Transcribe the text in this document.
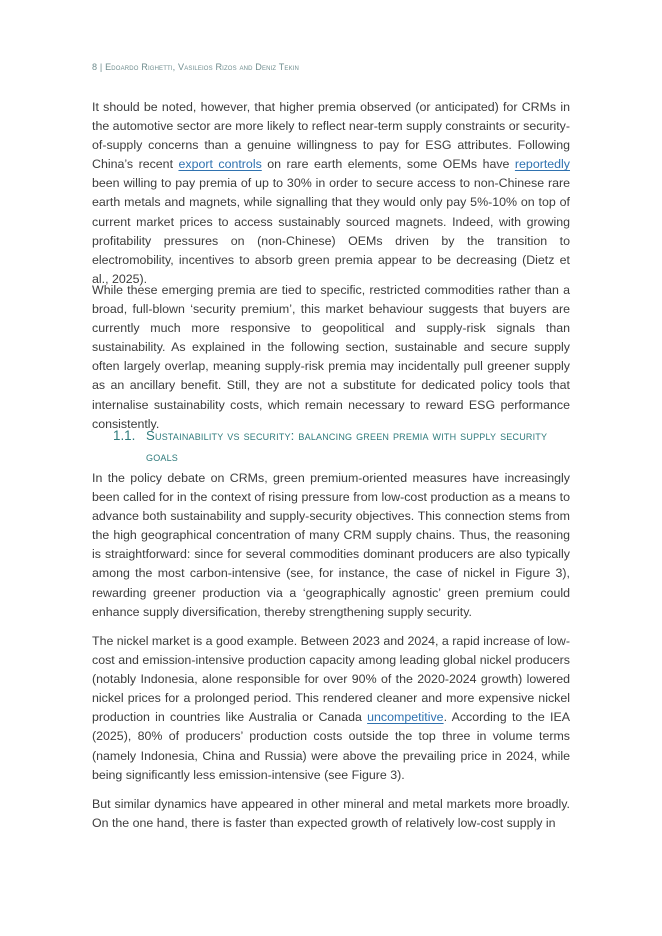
8 | Edoardo Righetti, Vasileios Rizos and Deniz Tekin
It should be noted, however, that higher premia observed (or anticipated) for CRMs in the automotive sector are more likely to reflect near-term supply constraints or security-of-supply concerns than a genuine willingness to pay for ESG attributes. Following China’s recent export controls on rare earth elements, some OEMs have reportedly been willing to pay premia of up to 30% in order to secure access to non-Chinese rare earth metals and magnets, while signalling that they would only pay 5%-10% on top of current market prices to access sustainably sourced magnets. Indeed, with growing profitability pressures on (non-Chinese) OEMs driven by the transition to electromobility, incentives to absorb green premia appear to be decreasing (Dietz et al., 2025).
While these emerging premia are tied to specific, restricted commodities rather than a broad, full-blown ‘security premium’, this market behaviour suggests that buyers are currently much more responsive to geopolitical and supply-risk signals than sustainability. As explained in the following section, sustainable and secure supply often largely overlap, meaning supply-risk premia may incidentally pull greener supply as an ancillary benefit. Still, they are not a substitute for dedicated policy tools that internalise sustainability costs, which remain necessary to reward ESG performance consistently.
1.1. Sustainability vs security: balancing green premia with supply security goals
In the policy debate on CRMs, green premium-oriented measures have increasingly been called for in the context of rising pressure from low-cost production as a means to advance both sustainability and supply-security objectives. This connection stems from the high geographical concentration of many CRM supply chains. Thus, the reasoning is straightforward: since for several commodities dominant producers are also typically among the most carbon-intensive (see, for instance, the case of nickel in Figure 3), rewarding greener production via a ‘geographically agnostic’ green premium could enhance supply diversification, thereby strengthening supply security.
The nickel market is a good example. Between 2023 and 2024, a rapid increase of low-cost and emission-intensive production capacity among leading global nickel producers (notably Indonesia, alone responsible for over 90% of the 2020-2024 growth) lowered nickel prices for a prolonged period. This rendered cleaner and more expensive nickel production in countries like Australia or Canada uncompetitive. According to the IEA (2025), 80% of producers’ production costs outside the top three in volume terms (namely Indonesia, China and Russia) were above the prevailing price in 2024, while being significantly less emission-intensive (see Figure 3).
But similar dynamics have appeared in other mineral and metal markets more broadly. On the one hand, there is faster than expected growth of relatively low-cost supply in
